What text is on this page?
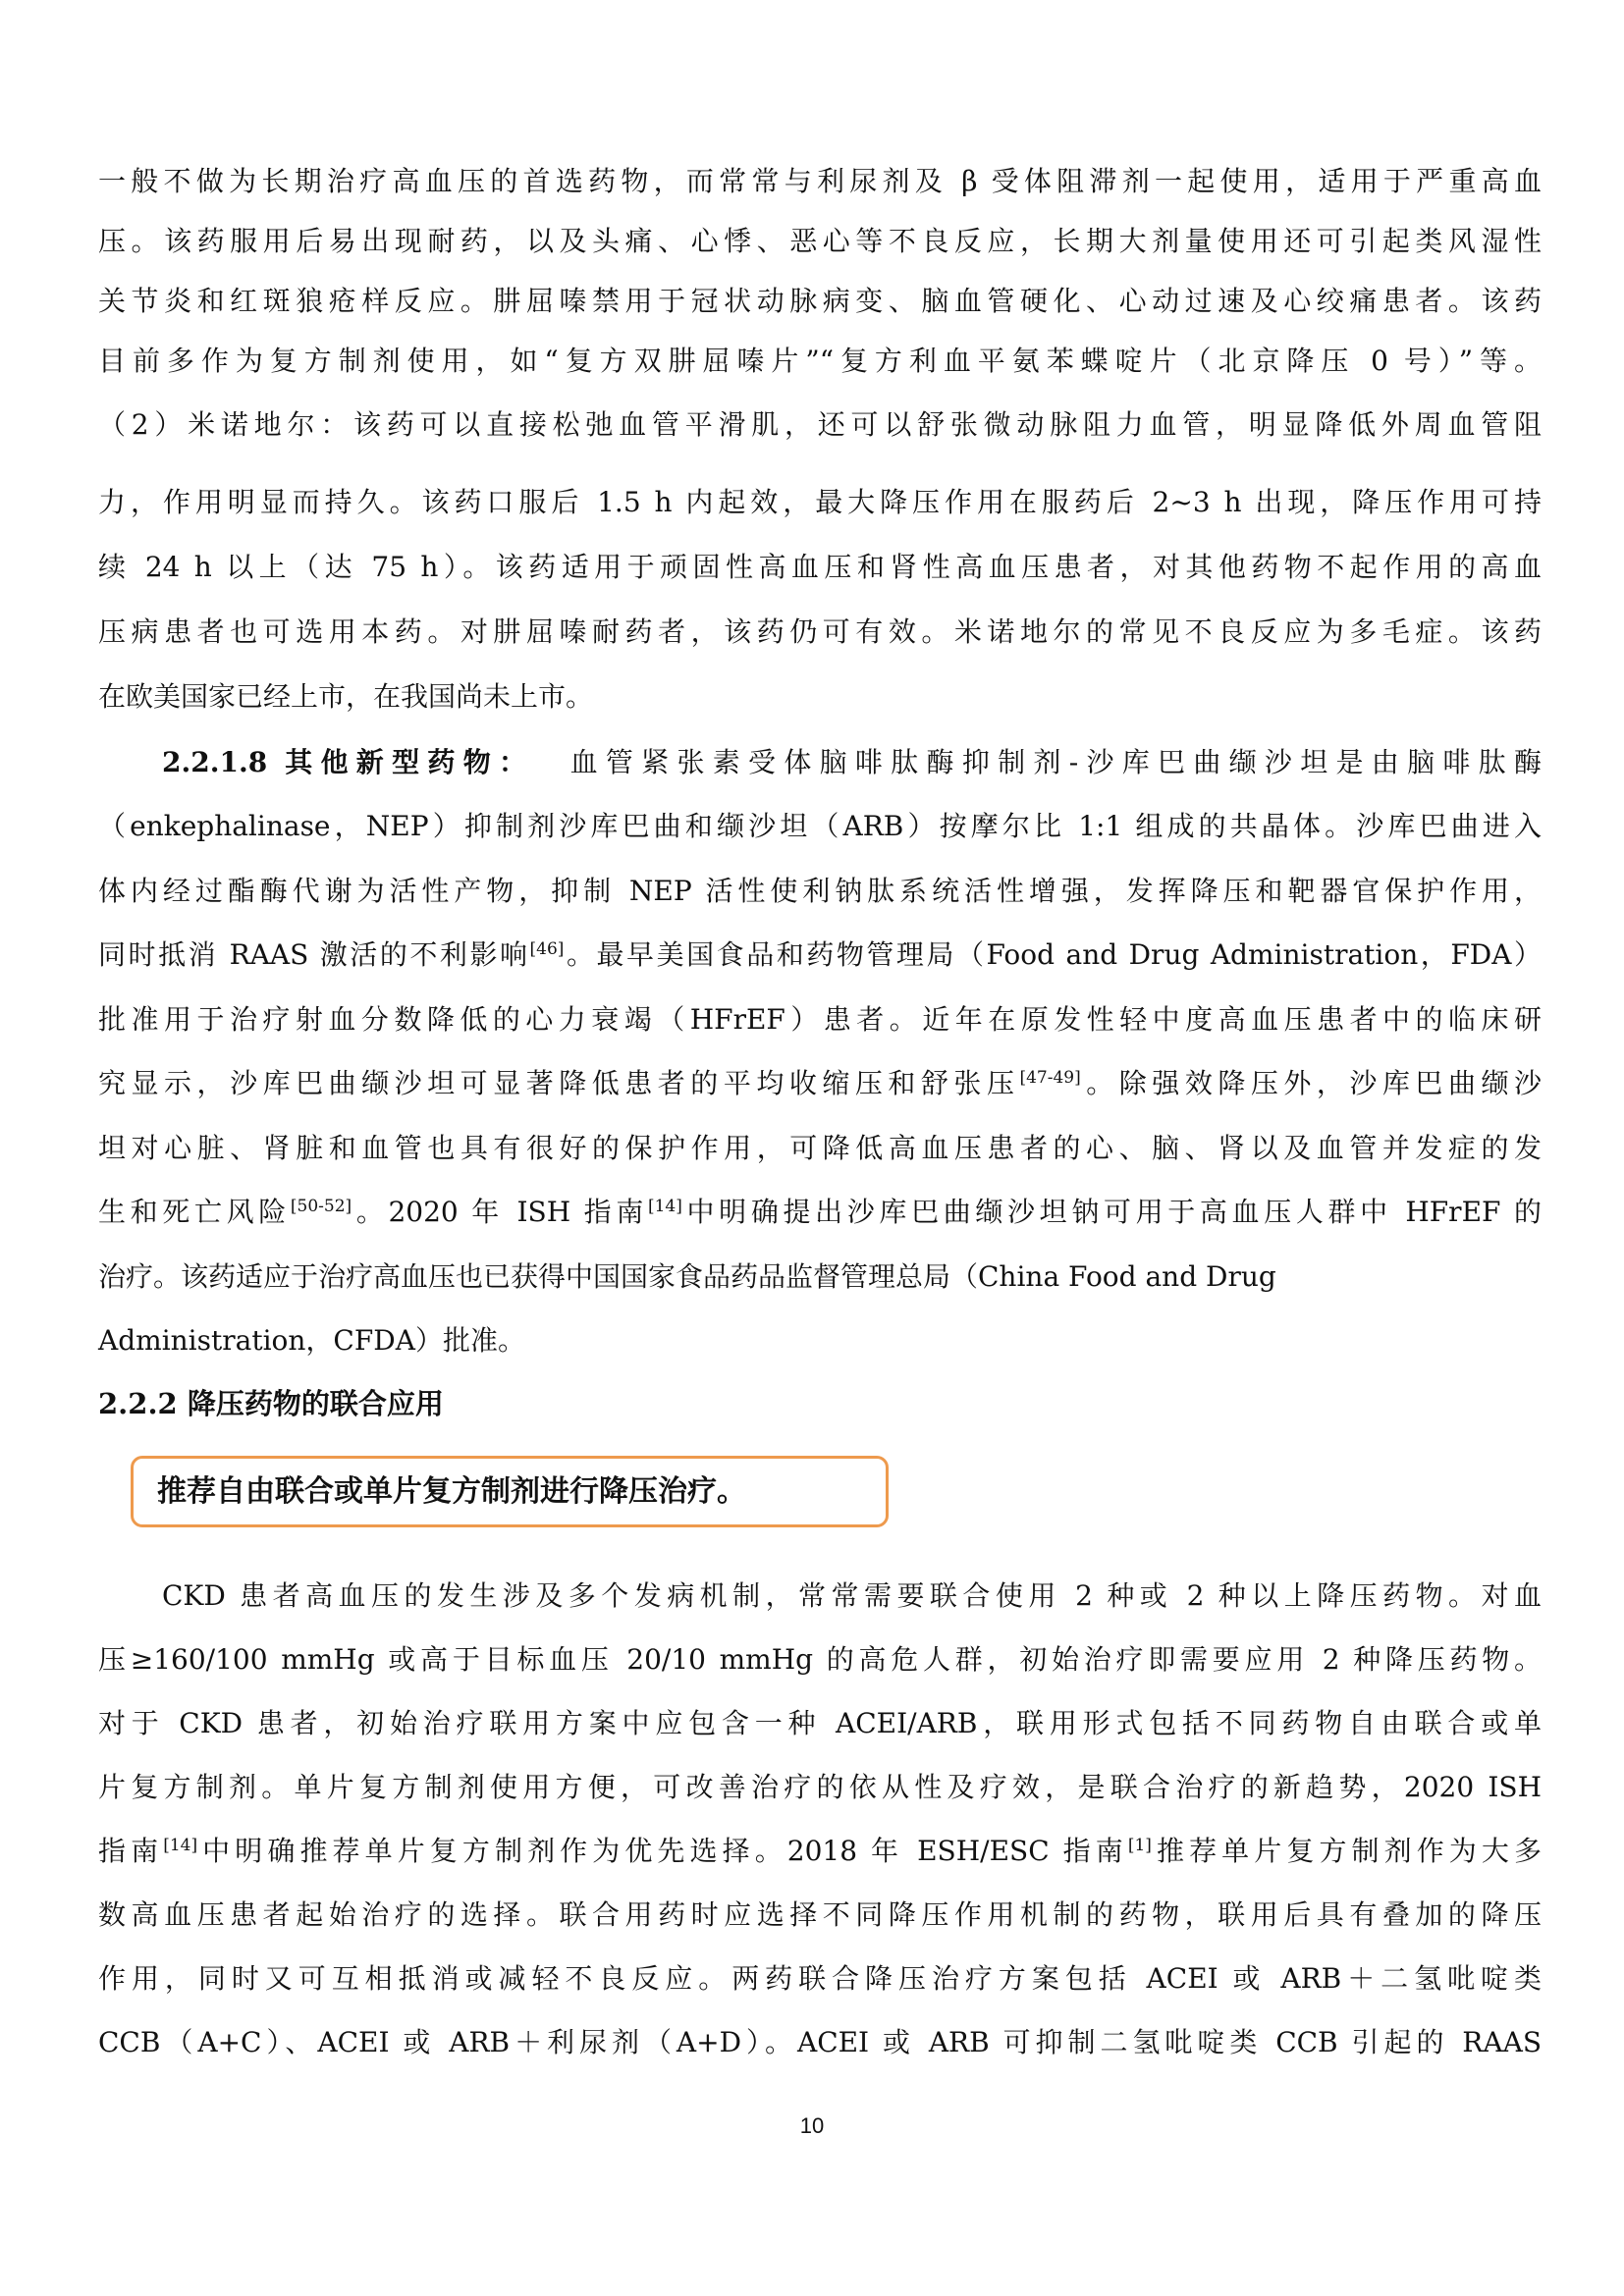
一般不做为长期治疗高血压的首选药物，而常常与利尿剂及 β 受体阻滞剂一起使用，适用于严重高血
压。该药服用后易出现耐药，以及头痛、心悸、恶心等不良反应，长期大剂量使用还可引起类风湿性
关节炎和红斑狼疮样反应。肼屈嗪禁用于冠状动脉病变、脑血管硬化、心动过速及心绞痛患者。该药
目前多作为复方制剂使用，如“复方双肼屈嗪片”“复方利血平氨苯蝶啶片（北京降压 0 号）”等。
（2）米诺地尔：该药可以直接松弛血管平滑肌，还可以舒张微动脉阻力血管，明显降低外周血管阻
力，作用明显而持久。该药口服后 1.5 h 内起效，最大降压作用在服药后 2~3 h 出现，降压作用可持
续 24 h 以上（达 75 h）。该药适用于顽固性高血压和肾性高血压患者，对其他药物不起作用的高血
压病患者也可选用本药。对肼屈嗪耐药者，该药仍可有效。米诺地尔的常见不良反应为多毛症。该药
在欧美国家已经上市，在我国尚未上市。
2.2.1.8 其他新型药物：  血管紧张素受体脑啡肽酶抑制剂-沙库巴曲缬沙坦是由脑啡肽酶
（enkephalinase，NEP）抑制剂沙库巴曲和缬沙坦（ARB）按摩尔比 1:1 组成的共晶体。沙库巴曲进入
体内经过酯酶代谢为活性产物，抑制 NEP 活性使利钠肽系统活性增强，发挥降压和靶器官保护作用，
同时抵消 RAAS 激活的不利影响[46]。最早美国食品和药物管理局（Food and Drug Administration，FDA）
批准用于治疗射血分数降低的心力衰竭（HFrEF）患者。近年在原发性轻中度高血压患者中的临床研
究显示，沙库巴曲缬沙坦可显著降低患者的平均收缩压和舒张压[47-49]。除强效降压外，沙库巴曲缬沙
坦对心脏、肾脏和血管也具有很好的保护作用，可降低高血压患者的心、脑、肾以及血管并发症的发
生和死亡风险[50-52]。2020 年 ISH 指南[14]中明确提出沙库巴曲缬沙坦钠可用于高血压人群中 HFrEF 的
治疗。该药适应于治疗高血压也已获得中国国家食品药品监督管理总局（China Food and Drug
Administration，CFDA）批准。
2.2.2 降压药物的联合应用
推荐自由联合或单片复方制剂进行降压治疗。
CKD 患者高血压的发生涉及多个发病机制，常常需要联合使用 2 种或 2 种以上降压药物。对血
压≥160/100 mmHg 或高于目标血压 20/10 mmHg 的高危人群，初始治疗即需要应用 2 种降压药物。
对于 CKD 患者，初始治疗联用方案中应包含一种 ACEI/ARB，联用形式包括不同药物自由联合或单
片复方制剂。单片复方制剂使用方便，可改善治疗的依从性及疗效，是联合治疗的新趋势，2020 ISH
指南[14]中明确推荐单片复方制剂作为优先选择。2018 年 ESH/ESC 指南[1]推荐单片复方制剂作为大多
数高血压患者起始治疗的选择。联合用药时应选择不同降压作用机制的药物，联用后具有叠加的降压
作用，同时又可互相抵消或减轻不良反应。两药联合降压治疗方案包括 ACEI 或 ARB＋二氢吡啶类
CCB（A+C）、ACEI 或 ARB＋利尿剂（A+D）。ACEI 或 ARB 可抑制二氢吡啶类 CCB 引起的 RAAS
10
